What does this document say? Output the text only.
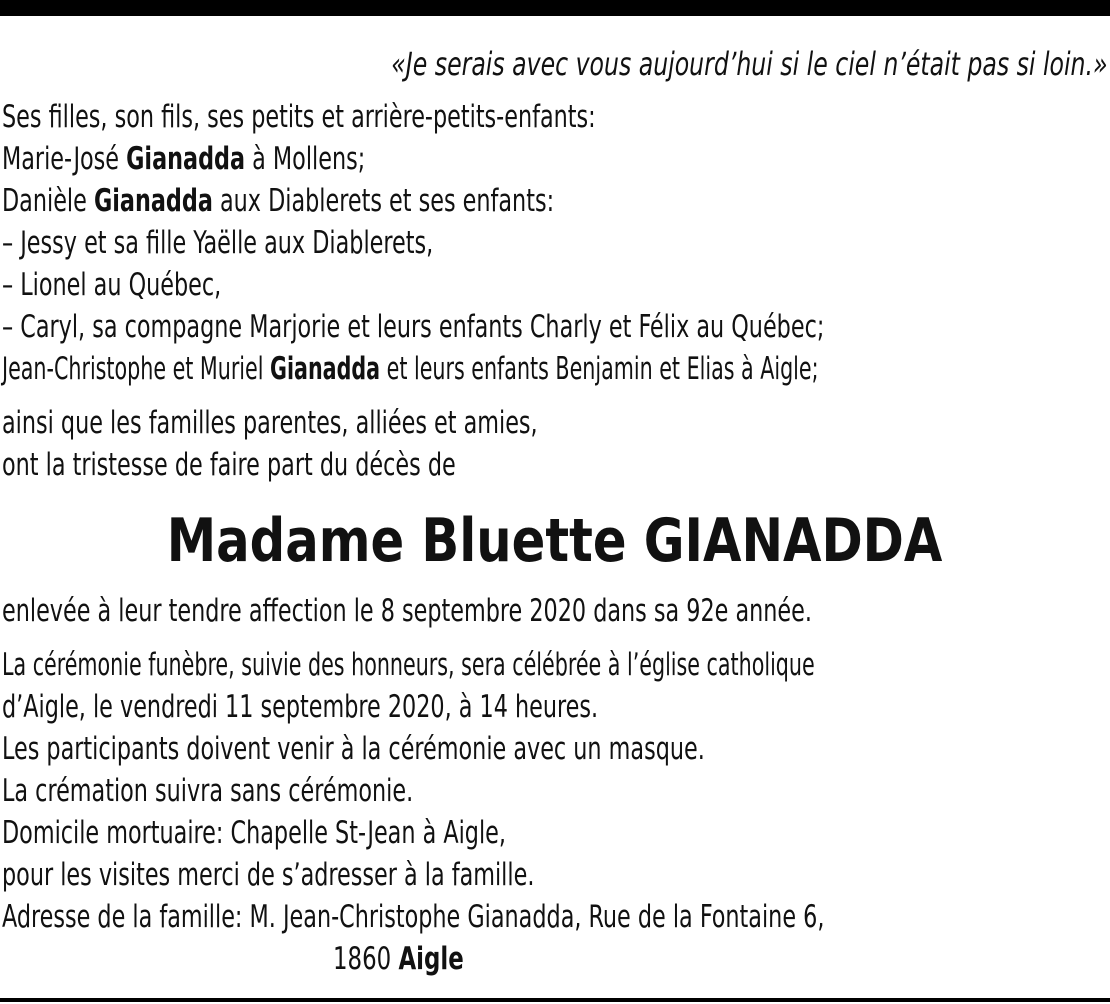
«Je serais avec vous aujourd’hui si le ciel n’était pas si loin.»
Ses filles, son fils, ses petits et arrière-petits-enfants:
Marie-José Gianadda à Mollens;
Danièle Gianadda aux Diablerets et ses enfants:
– Jessy et sa fille Yaëlle aux Diablerets,
– Lionel au Québec,
– Caryl, sa compagne Marjorie et leurs enfants Charly et Félix au Québec;
Jean-Christophe et Muriel Gianadda et leurs enfants Benjamin et Elias à Aigle;
ainsi que les familles parentes, alliées et amies,
ont la tristesse de faire part du décès de
Madame Bluette GIANADDA
enlevée à leur tendre affection le 8 septembre 2020 dans sa 92e année.
La cérémonie funèbre, suivie des honneurs, sera célébrée à l’église catholique
d’Aigle, le vendredi 11 septembre 2020, à 14 heures.
Les participants doivent venir à la cérémonie avec un masque.
La crémation suivra sans cérémonie.
Domicile mortuaire: Chapelle St-Jean à Aigle,
pour les visites merci de s’adresser à la famille.
Adresse de la famille: M. Jean-Christophe Gianadda, Rue de la Fontaine 6,
1860 Aigle
